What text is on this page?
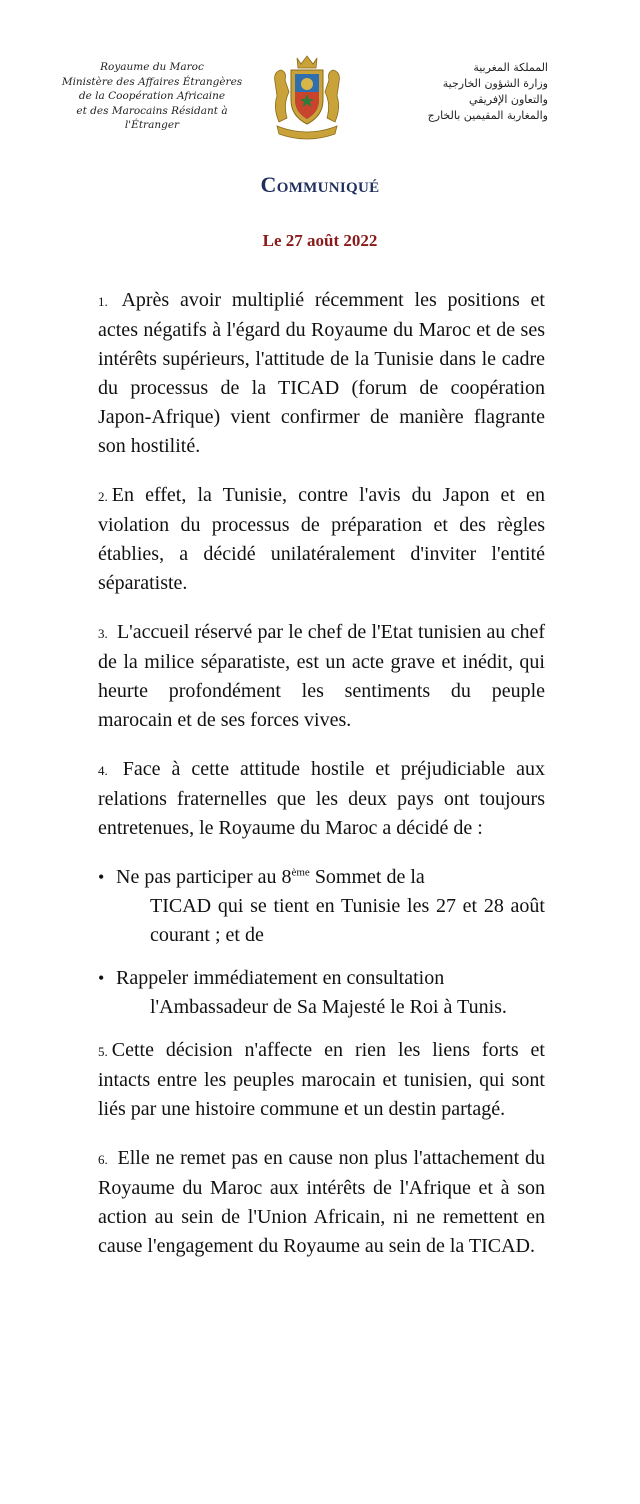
Royaume du Maroc
Ministère des Affaires Étrangères
de la Coopération Africaine
et des Marocains Résidant à l'Étranger
المملكة المغربية
وزارة الشؤون الخارجية
والتعاون الإفريقي
والمغاربة المقيمين بالخارج
Communiqué
Le 27 août 2022

1. Après avoir multiplié récemment les positions et actes négatifs à l'égard du Royaume du Maroc et de ses intérêts supérieurs, l'attitude de la Tunisie dans le cadre du processus de la TICAD (forum de coopération Japon-Afrique) vient confirmer de manière flagrante son hostilité.

2. En effet, la Tunisie, contre l'avis du Japon et en violation du processus de préparation et des règles établies, a décidé unilatéralement d'inviter l'entité séparatiste.

3. L'accueil réservé par le chef de l'Etat tunisien au chef de la milice séparatiste, est un acte grave et inédit, qui heurte profondément les sentiments du peuple marocain et de ses forces vives.

4. Face à cette attitude hostile et préjudiciable aux relations fraternelles que les deux pays ont toujours entretenues, le Royaume du Maroc a décidé de :

• Ne pas participer au 8ème Sommet de la
TICAD qui se tient en Tunisie les 27 et 28 août courant ; et de
• Rappeler immédiatement en consultation
l'Ambassadeur de Sa Majesté le Roi à Tunis.

5. Cette décision n'affecte en rien les liens forts et intacts entre les peuples marocain et tunisien, qui sont liés par une histoire commune et un destin partagé.

6. Elle ne remet pas en cause non plus l'attachement du Royaume du Maroc aux intérêts de l'Afrique et à son action au sein de l'Union Africain, ni ne remettent en cause l'engagement du Royaume au sein de la TICAD.
